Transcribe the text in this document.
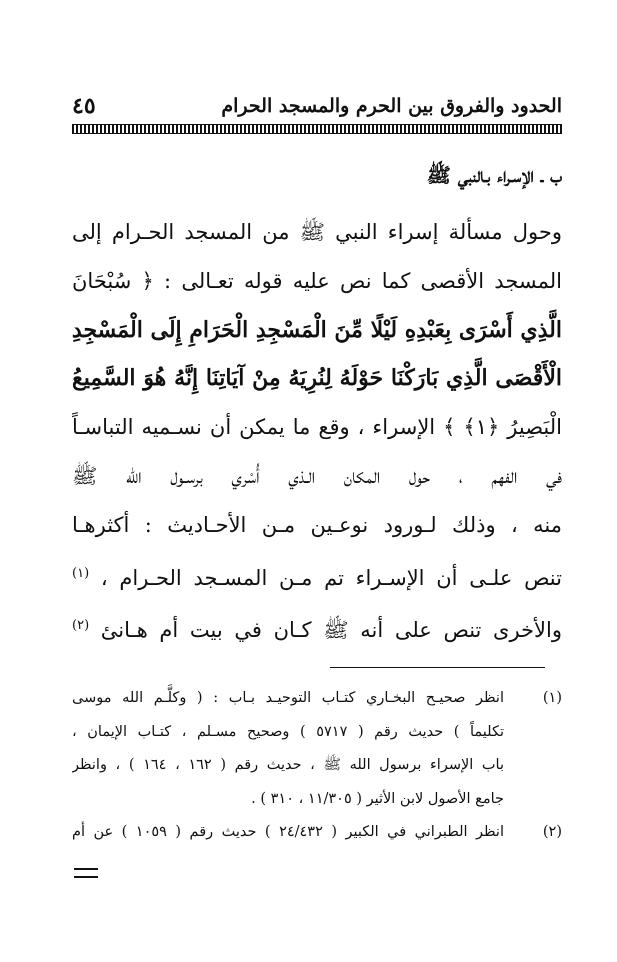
٤٥	الحدود والفروق بين الحرم والمسجد الحرام
ب ـ الإسـراء بـالنبي ﷺ
وحول مسألة إسراء النبي ﷺ من المسجد الحـرام إلى
المسجد الأقصى كما نص عليه قوله تعـالى : ﴿ سُبْحَانَ
الَّذِي أَسْرَى بِعَبْدِهِ لَيْلًا مِّنَ الْمَسْجِدِ الْحَرَامِ إِلَى الْمَسْجِدِ
الْأَقْصَى الَّذِي بَارَكْنَا حَوْلَهُ لِنُرِيَهُ مِنْ آيَاتِنَا إِنَّهُ هُوَ السَّمِيعُ
الْبَصِيرُ ﴿١﴾ ﴾ الإسراء ، وقع ما يمكن أن نسـميه التباسـاً
في الفهم ، حول المكان الـذي أُسْري برسـول الله ﷺ
منه ، وذلك لـورود نوعـين مـن الأحـاديث : أكثرهـا
تنص علـى أن الإسـراء تم مـن المسـجد الحـرام ، $^{(١)}$
والأخرى تنص على أنه ﷺ كـان في بيت أم هـانئ $^{(٢)}$
(١)
انظر صحيـح البخـاري كتـاب التوحيـد بـاب : ( وكلَّـم الله موسى
تكليماً ) حديث رقم ( ٥٧١٧ ) وصحيح مسـلم ، كتـاب الإيمان ،
باب الإسراء برسول الله ﷺ ، حديث رقم ( ١٦٢ ، ١٦٤ ) ، وانظر
جامع الأصول لابن الأثير ( ١١/٣٠٥ ، ٣١٠ ) .
(٢)
انظر الطبراني في الكبير ( ٢٤/٤٣٢ ) حديث رقم ( ١٠٥٩ ) عن أم
